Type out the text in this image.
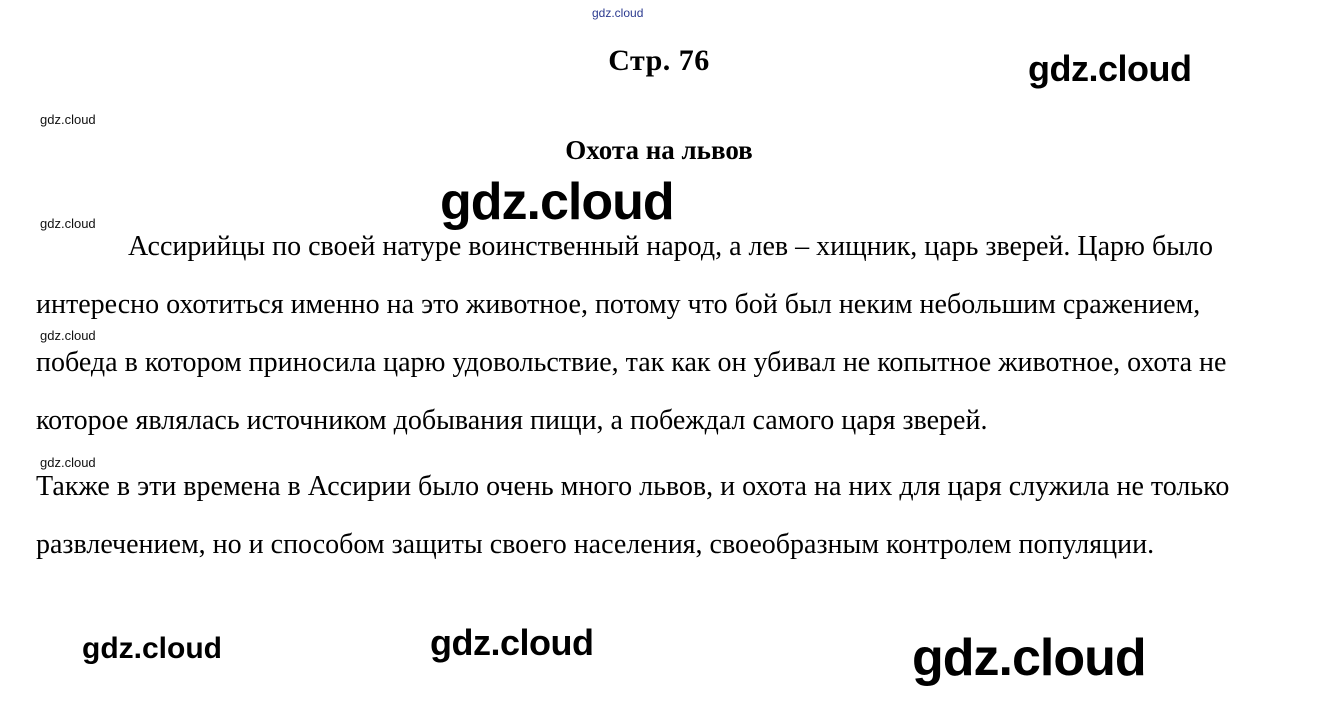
Стр. 76
Охота на львов

Ассирийцы по своей натуре воинственный народ, а лев – хищник, царь зверей. Царю было интересно охотиться именно на это животное, потому что бой был неким небольшим сражением, победа в котором приносила царю удовольствие, так как он убивал не копытное животное, охота не которое являлась источником добывания пищи, а побеждал самого царя зверей.

Также в эти времена в Ассирии было очень много львов, и охота на них для царя служила не только развлечением, но и способом защиты своего населения, своеобразным контролем популяции.

gdz.cloud
gdz.cloud
gdz.cloud
gdz.cloud
gdz.cloud
gdz.cloud
gdz.cloud
gdz.cloud	gdz.cloud	gdz.cloud
